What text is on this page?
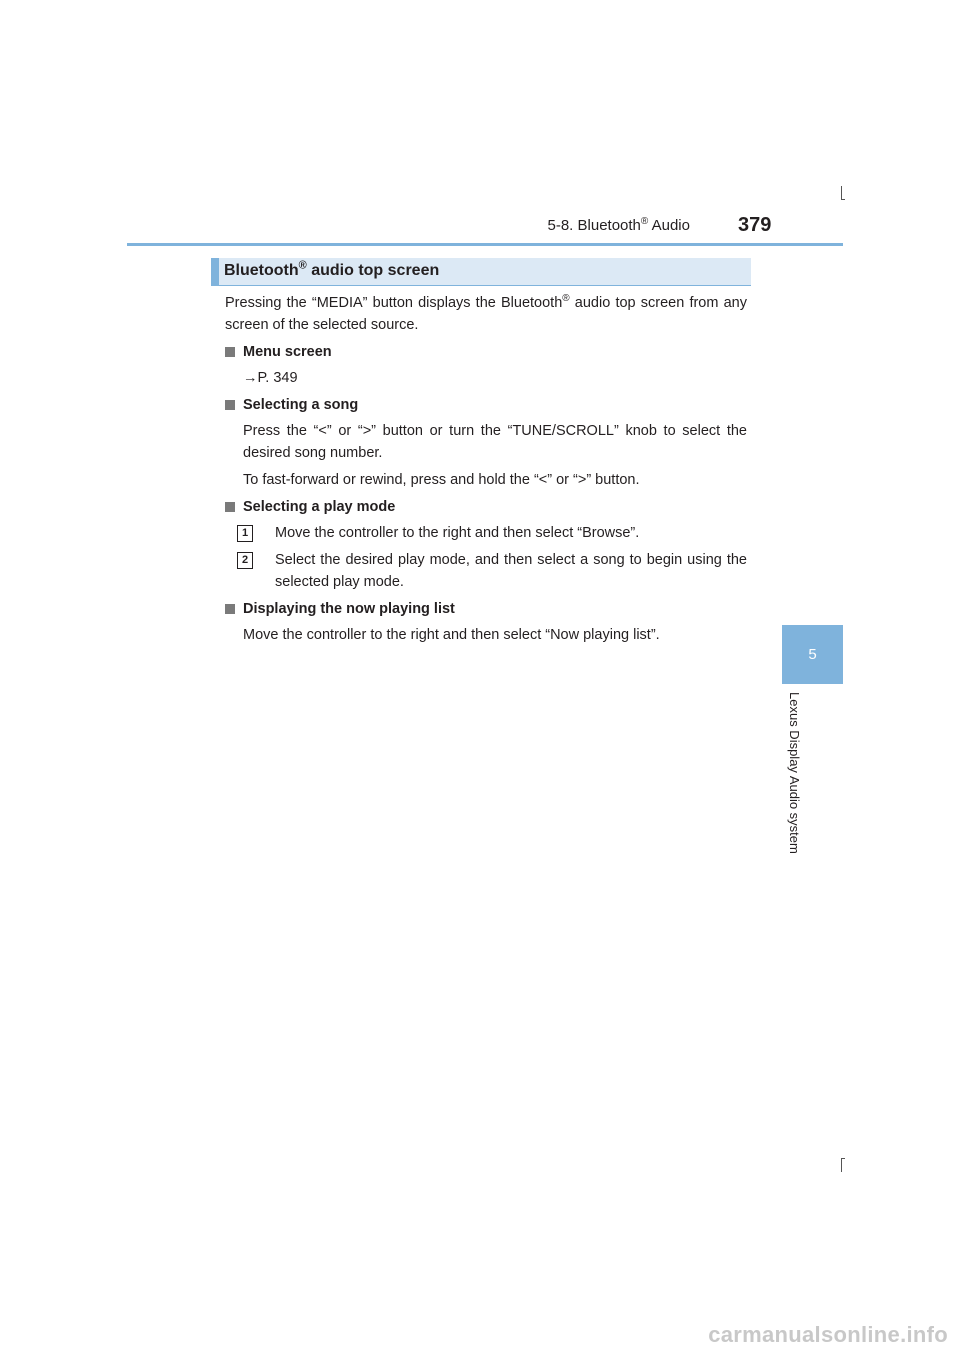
5-8. Bluetooth® Audio 379
5
Lexus Display Audio system
Bluetooth® audio top screen

Pressing the “MEDIA” button displays the Bluetooth® audio top screen from any screen of the selected source.

Menu screen

→P. 349

Selecting a song

Press the “<” or “>” button or turn the “TUNE/SCROLL” knob to select the desired song number.

To fast-forward or rewind, press and hold the “<” or “>” button.

Selecting a play mode
1	Move the controller to the right and then select “Browse”.
2	Select the desired play mode, and then select a song to begin using the selected play mode.
Displaying the now playing list

Move the controller to the right and then select “Now playing list”.

carmanualsonline.info
